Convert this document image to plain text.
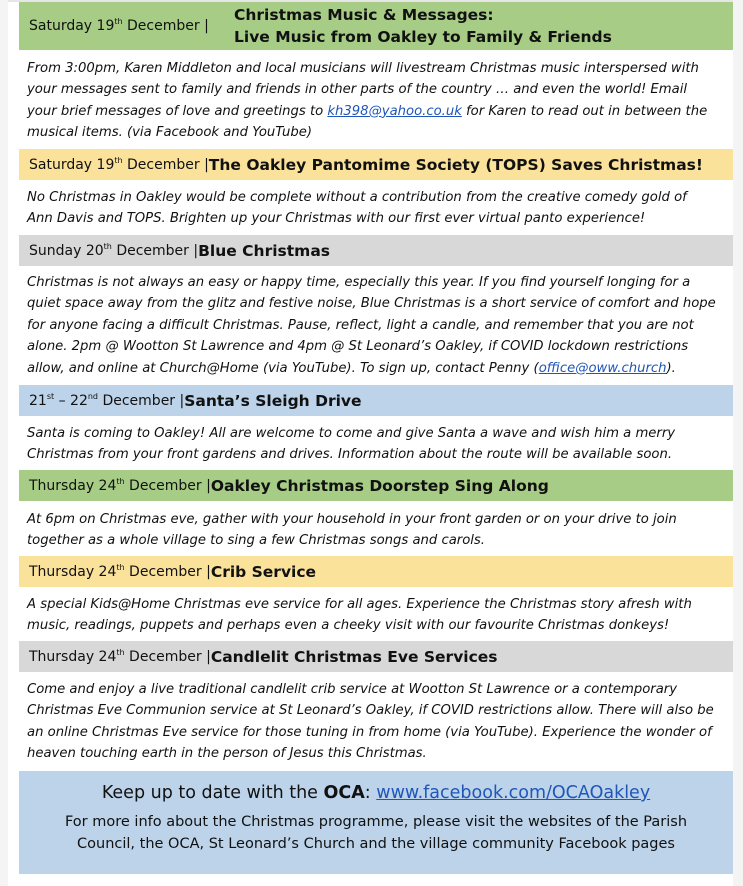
Saturday 19th December |
Christmas Music & Messages:
Live Music from Oakley to Family & Friends
From 3:00pm, Karen Middleton and local musicians will livestream Christmas music interspersed with
your messages sent to family and friends in other parts of the country … and even the world! Email
your brief messages of love and greetings to kh398@yahoo.co.uk for Karen to read out in between the
musical items. (via Facebook and YouTube)
Saturday 19th December | The Oakley Pantomime Society (TOPS) Saves Christmas!
No Christmas in Oakley would be complete without a contribution from the creative comedy gold of
Ann Davis and TOPS. Brighten up your Christmas with our first ever virtual panto experience!
Sunday 20th December | Blue Christmas
Christmas is not always an easy or happy time, especially this year. If you find yourself longing for a
quiet space away from the glitz and festive noise, Blue Christmas is a short service of comfort and hope
for anyone facing a difficult Christmas. Pause, reflect, light a candle, and remember that you are not
alone. 2pm @ Wootton St Lawrence and 4pm @ St Leonard’s Oakley, if COVID lockdown restrictions
allow, and online at Church@Home (via YouTube). To sign up, contact Penny (office@oww.church).
21st – 22nd December | Santa’s Sleigh Drive
Santa is coming to Oakley! All are welcome to come and give Santa a wave and wish him a merry
Christmas from your front gardens and drives. Information about the route will be available soon.
Thursday 24th December | Oakley Christmas Doorstep Sing Along
At 6pm on Christmas eve, gather with your household in your front garden or on your drive to join
together as a whole village to sing a few Christmas songs and carols.
Thursday 24th December | Crib Service
A special Kids@Home Christmas eve service for all ages. Experience the Christmas story afresh with
music, readings, puppets and perhaps even a cheeky visit with our favourite Christmas donkeys!
Thursday 24th December | Candlelit Christmas Eve Services
Come and enjoy a live traditional candlelit crib service at Wootton St Lawrence or a contemporary
Christmas Eve Communion service at St Leonard’s Oakley, if COVID restrictions allow. There will also be
an online Christmas Eve service for those tuning in from home (via YouTube). Experience the wonder of
heaven touching earth in the person of Jesus this Christmas.
Keep up to date with the OCA: www.facebook.com/OCAOakley
For more info about the Christmas programme, please visit the websites of the Parish
Council, the OCA, St Leonard’s Church and the village community Facebook pages
